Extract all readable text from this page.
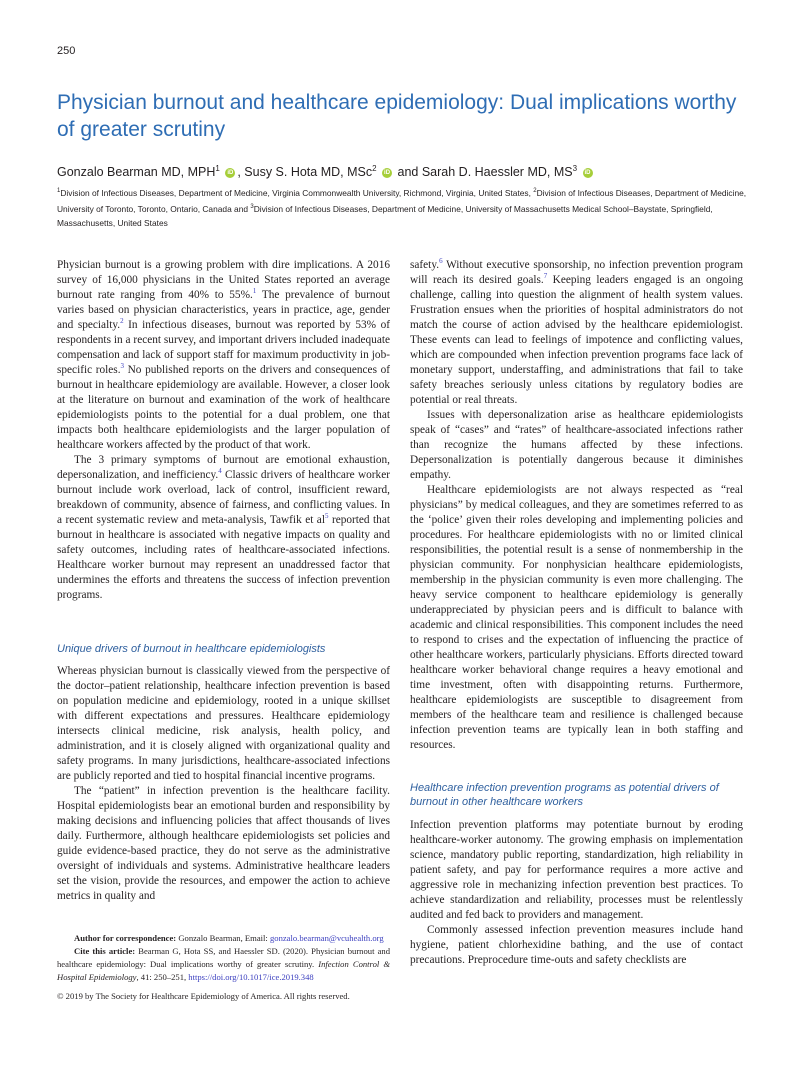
250
Physician burnout and healthcare epidemiology: Dual implications worthy of greater scrutiny
Gonzalo Bearman MD, MPH$^1$ iD , Susy S. Hota MD, MSc$^2$ iD and Sarah D. Haessler MD, $MS^3$ iD
$^1$Division of Infectious Diseases, Department of Medicine, Virginia Commonwealth University, Richmond, Virginia, United States, $^2$Division of Infectious Diseases, Department of Medicine, University of Toronto, Toronto, Ontario, Canada and $^3$Division of Infectious Diseases, Department of Medicine, University of Massachusetts Medical School–Baystate, Springfield, Massachusetts, United States

Physician burnout is a growing problem with dire implications. A 2016 survey of 16,000 physicians in the United States reported an average burnout rate ranging from 40% to 55%.$^1$ The prevalence of burnout varies based on physician characteristics, years in practice, age, gender and specialty.$^2$ In infectious diseases, burnout was reported by 53% of respondents in a recent survey, and important drivers included inadequate compensation and lack of support staff for maximum productivity in job-specific roles.$^3$ No published reports on the drivers and consequences of burnout in healthcare epidemiology are available. However, a closer look at the literature on burnout and examination of the work of healthcare epidemiologists points to the potential for a dual problem, one that impacts both healthcare epidemiologists and the larger population of healthcare workers affected by the product of that work.

The 3 primary symptoms of burnout are emotional exhaustion, depersonalization, and inefficiency.$^4$ Classic drivers of healthcare worker burnout include work overload, lack of control, insufficient reward, breakdown of community, absence of fairness, and conflicting values. In a recent systematic review and meta-analysis, Tawfik et $al^5$ reported that burnout in healthcare is associated with negative impacts on quality and safety outcomes, including rates of healthcare-associated infections. Healthcare worker burnout may represent an unaddressed factor that undermines the efforts and threatens the success of infection prevention programs.

Unique drivers of burnout in healthcare epidemiologists

Whereas physician burnout is classically viewed from the perspective of the doctor–patient relationship, healthcare infection prevention is based on population medicine and epidemiology, rooted in a unique skillset with different expectations and pressures. Healthcare epidemiology intersects clinical medicine, risk analysis, health policy, and administration, and it is closely aligned with organizational quality and safety programs. In many jurisdictions, healthcare-associated infections are publicly reported and tied to hospital financial incentive programs.

The “patient” in infection prevention is the healthcare facility. Hospital epidemiologists bear an emotional burden and responsibility by making decisions and influencing policies that affect thousands of lives daily. Furthermore, although healthcare epidemiologists set policies and guide evidence-based practice, they do not serve as the administrative oversight of individuals and systems. Administrative healthcare leaders set the vision, provide the resources, and empower the action to achieve metrics in quality and

Author for correspondence: Gonzalo Bearman, Email: gonzalo.bearman@vcuhealth.org
Cite this article: Bearman G, Hota SS, and Haessler SD. (2020). Physician burnout and healthcare epidemiology: Dual implications worthy of greater scrutiny. Infection Control & Hospital Epidemiology, 41: 250–251, https://doi.org/10.1017/ice.2019.348
© 2019 by The Society for Healthcare Epidemiology of America. All rights reserved.

safety.$^6$ Without executive sponsorship, no infection prevention program will reach its desired goals.$^7$ Keeping leaders engaged is an ongoing challenge, calling into question the alignment of health system values. Frustration ensues when the priorities of hospital administrators do not match the course of action advised by the healthcare epidemiologist. These events can lead to feelings of impotence and conflicting values, which are compounded when infection prevention programs face lack of monetary support, understaffing, and administrations that fail to take safety breaches seriously unless citations by regulatory bodies are potential or real threats.

Issues with depersonalization arise as healthcare epidemiologists speak of “cases” and “rates” of healthcare-associated infections rather than recognize the humans affected by these infections. Depersonalization is potentially dangerous because it diminishes empathy.

Healthcare epidemiologists are not always respected as “real physicians” by medical colleagues, and they are sometimes referred to as the ‘police’ given their roles developing and implementing policies and procedures. For healthcare epidemiologists with no or limited clinical responsibilities, the potential result is a sense of nonmembership in the physician community. For nonphysician healthcare epidemiologists, membership in the physician community is even more challenging. The heavy service component to healthcare epidemiology is generally underappreciated by physician peers and is difficult to balance with academic and clinical responsibilities. This component includes the need to respond to crises and the expectation of influencing the practice of other healthcare workers, particularly physicians. Efforts directed toward healthcare worker behavioral change requires a heavy emotional and time investment, often with disappointing returns. Furthermore, healthcare epidemiologists are susceptible to disagreement from members of the healthcare team and resilience is challenged because infection prevention teams are typically lean in both staffing and resources.

Healthcare infection prevention programs as potential drivers of burnout in other healthcare workers

Infection prevention platforms may potentiate burnout by eroding healthcare-worker autonomy. The growing emphasis on implementation science, mandatory public reporting, standardization, high reliability in patient safety, and pay for performance requires a more active and aggressive role in mechanizing infection prevention best practices. To achieve standardization and reliability, processes must be relentlessly audited and fed back to providers and management.

Commonly assessed infection prevention measures include hand hygiene, patient chlorhexidine bathing, and the use of contact precautions. Preprocedure time-outs and safety checklists are
